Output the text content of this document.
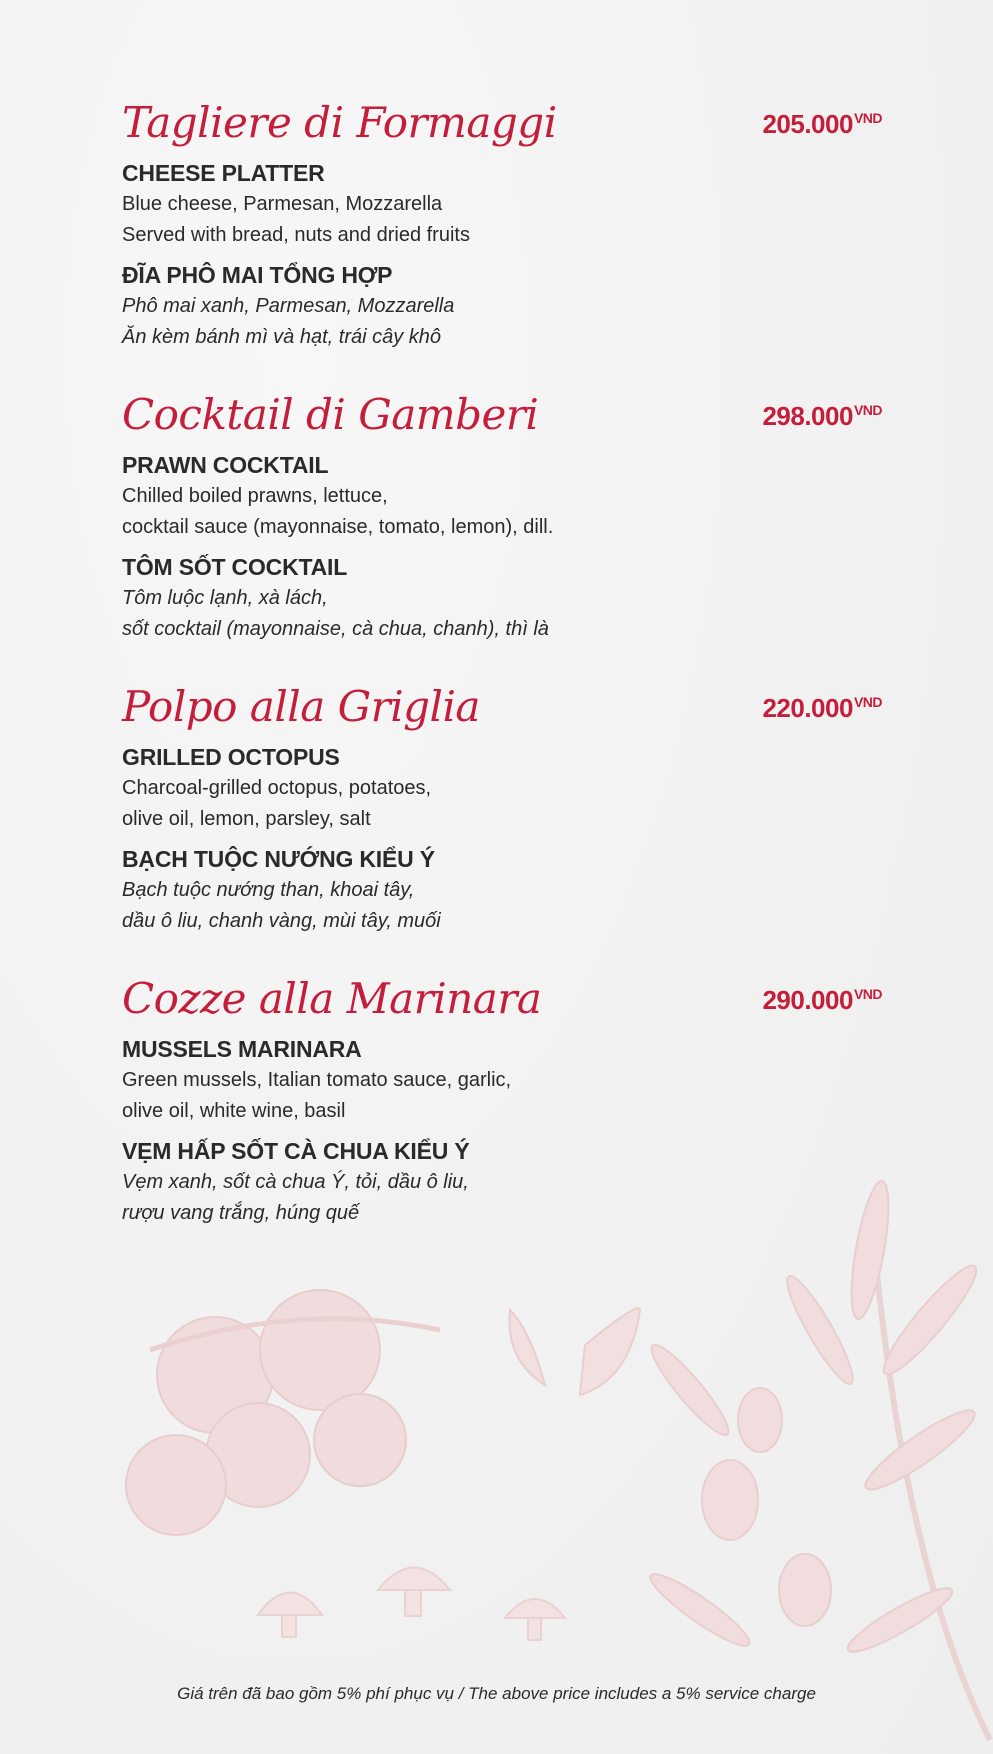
Tagliere di Formaggi	$205.000^{VND}$
CHEESE PLATTER
Blue cheese, Parmesan, Mozzarella
Served with bread, nuts and dried fruits
ĐĨA PHÔ MAI TỔNG HỢP
Phô mai xanh, Parmesan, Mozzarella
Ăn kèm bánh mì và hạt, trái cây khô
Cocktail di Gamberi	$298.000^{VND}$
PRAWN COCKTAIL
Chilled boiled prawns, lettuce,
cocktail sauce (mayonnaise, tomato, lemon), dill.
TÔM SỐT COCKTAIL
Tôm luộc lạnh, xà lách,
sốt cocktail (mayonnaise, cà chua, chanh), thì là
Polpo alla Griglia	$220.000^{VND}$
GRILLED OCTOPUS
Charcoal-grilled octopus, potatoes,
olive oil, lemon, parsley, salt
BẠCH TUỘC NƯỚNG KIỂU Ý
Bạch tuộc nướng than, khoai tây,
dầu ô liu, chanh vàng, mùi tây, muối
Cozze alla Marinara	$290.000^{VND}$
MUSSELS MARINARA
Green mussels, Italian tomato sauce, garlic,
olive oil, white wine, basil
VẸM HẤP SỐT CÀ CHUA KIỂU Ý
Vẹm xanh, sốt cà chua Ý, tỏi, dầu ô liu,
rượu vang trắng, húng quế
Giá trên đã bao gồm 5% phí phục vụ / The above price includes a 5% service charge
